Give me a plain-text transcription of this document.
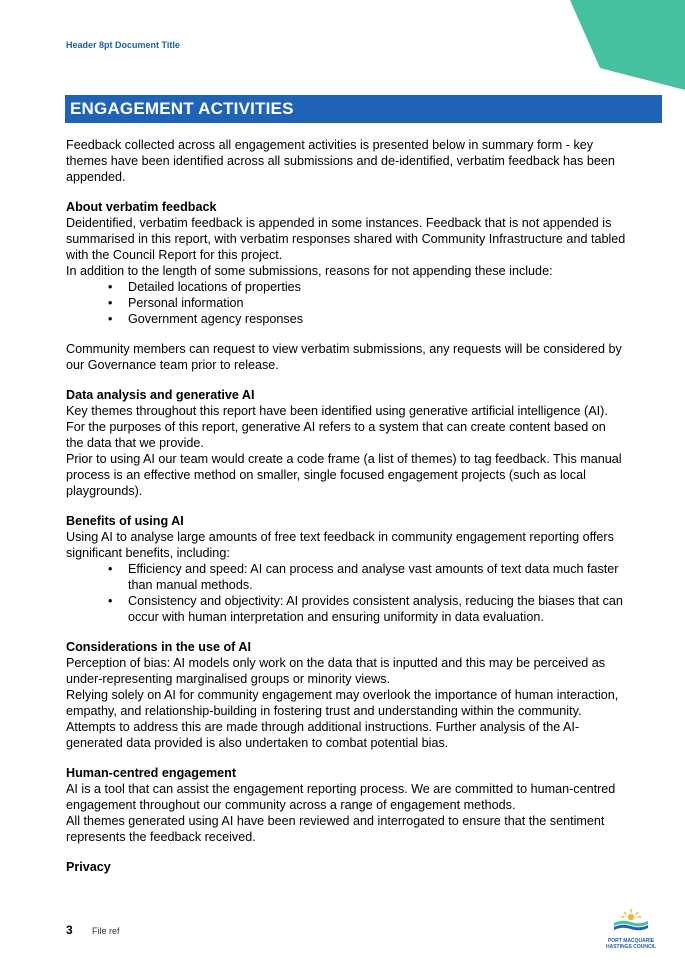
Header 8pt Document Title
ENGAGEMENT ACTIVITIES

Feedback collected across all engagement activities is presented below in summary form - key themes have been identified across all submissions and de-identified, verbatim feedback has been appended.

About verbatim feedback

Deidentified, verbatim feedback is appended in some instances. Feedback that is not appended is summarised in this report, with verbatim responses shared with Community Infrastructure and tabled with the Council Report for this project.

In addition to the length of some submissions, reasons for not appending these include:

• Detailed locations of properties
• Personal information
• Government agency responses

Community members can request to view verbatim submissions, any requests will be considered by our Governance team prior to release.

Data analysis and generative AI

Key themes throughout this report have been identified using generative artificial intelligence (AI). For the purposes of this report, generative AI refers to a system that can create content based on the data that we provide.

Prior to using AI our team would create a code frame (a list of themes) to tag feedback. This manual process is an effective method on smaller, single focused engagement projects (such as local playgrounds).

Benefits of using AI

Using AI to analyse large amounts of free text feedback in community engagement reporting offers significant benefits, including:

• Efficiency and speed: AI can process and analyse vast amounts of text data much faster than manual methods.
• Consistency and objectivity: AI provides consistent analysis, reducing the biases that can occur with human interpretation and ensuring uniformity in data evaluation.

Considerations in the use of AI

Perception of bias: AI models only work on the data that is inputted and this may be perceived as under-representing marginalised groups or minority views.

Relying solely on AI for community engagement may overlook the importance of human interaction, empathy, and relationship-building in fostering trust and understanding within the community.

Attempts to address this are made through additional instructions. Further analysis of the AI-generated data provided is also undertaken to combat potential bias.

Human-centred engagement

AI is a tool that can assist the engagement reporting process. We are committed to human-centred engagement throughout our community across a range of engagement methods.

All themes generated using AI have been reviewed and interrogated to ensure that the sentiment represents the feedback received.

Privacy

3 File ref
PORT MACQUARIE
HASTINGS COUNCIL
